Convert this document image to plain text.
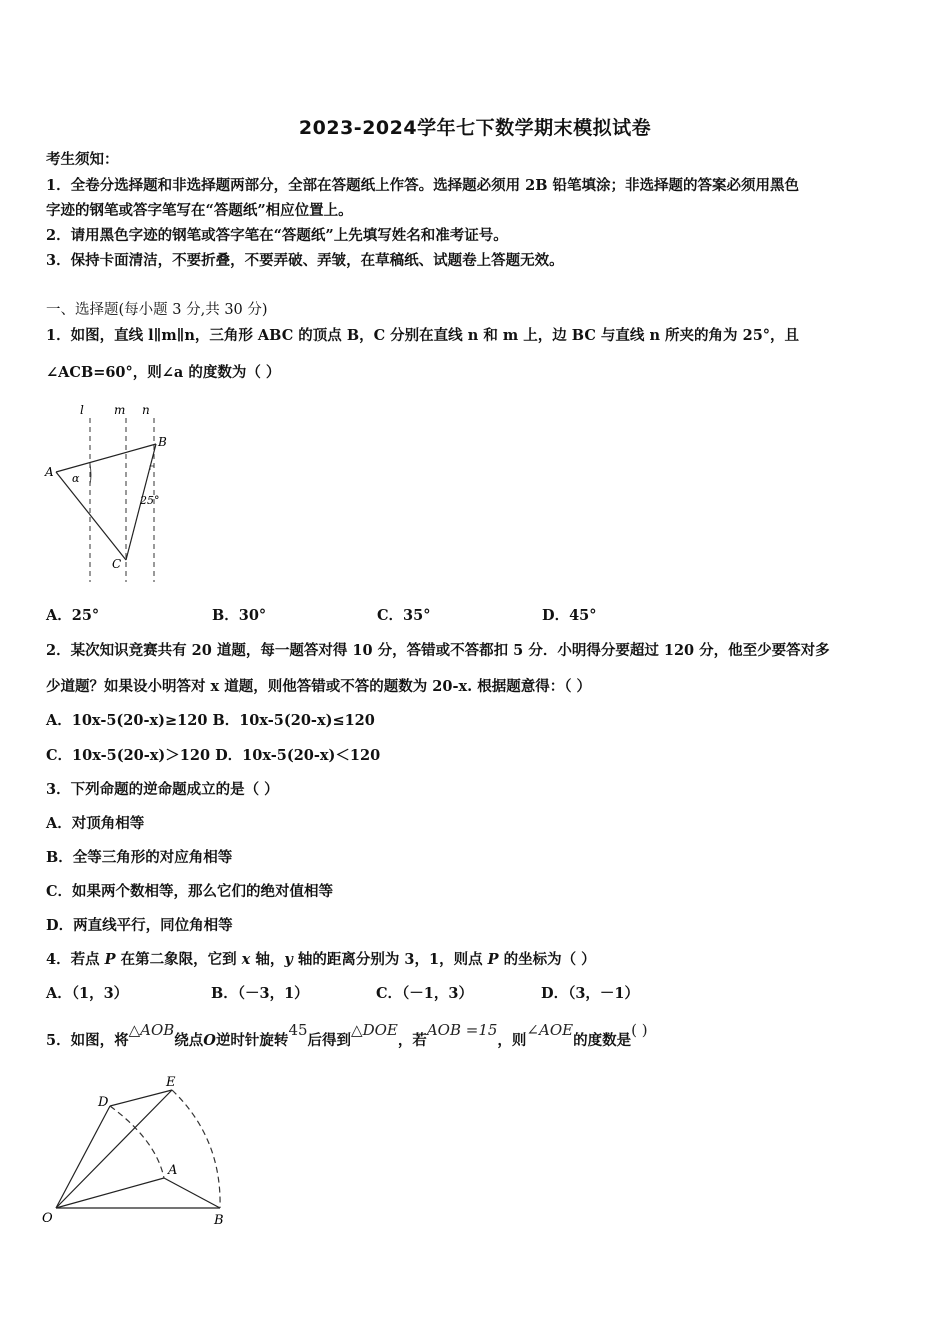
2023-2024学年七下数学期末模拟试卷
考生须知：
1．全卷分选择题和非选择题两部分，全部在答题纸上作答。选择题必须用 2B 铅笔填涂；非选择题的答案必须用黑色
字迹的钢笔或答字笔写在“答题纸”相应位置上。
2．请用黑色字迹的钢笔或答字笔在“答题纸”上先填写姓名和准考证号。
3．保持卡面清洁，不要折叠，不要弄破、弄皱，在草稿纸、试题卷上答题无效。
一、选择题(每小题 3 分,共 30 分)
1．如图，直线 l∥m∥n，三角形 ABC 的顶点 B，C 分别在直线 n 和 m 上，边 BC 与直线 n 所夹的角为 25°，且
∠ACB=60°，则∠a 的度数为（ ）
l	m n
A
B
C
α
25°
A．25°	B．30°	C．35°	D．45°
2．某次知识竞赛共有 20 道题，每一题答对得 10 分，答错或不答都扣 5 分．小明得分要超过 120 分，他至少要答对多
少道题？如果设小明答对 x 道题，则他答错或不答的题数为 20-x. 根据题意得：（ ）
A．10x-5(20-x)≥120 B．10x-5(20-x)≤120
C．10x-5(20-x)＞120 D．10x-5(20-x)＜120
3．下列命题的逆命题成立的是（ ）
A．对顶角相等
B．全等三角形的对应角相等
C．如果两个数相等，那么它们的绝对值相等
D．两直线平行，同位角相等
4．若点 P 在第二象限，它到 x 轴，y 轴的距离分别为 3，1，则点 P 的坐标为（ ）
A．（1，3）	B．（－3，1）	C．（－1，3）	D．（3，－1）
5．如图，将△AOB绕点O逆时针旋转45后得到△DOE，若AOB =15，则∠AOE的度数是( )
O
A
B
D
E
